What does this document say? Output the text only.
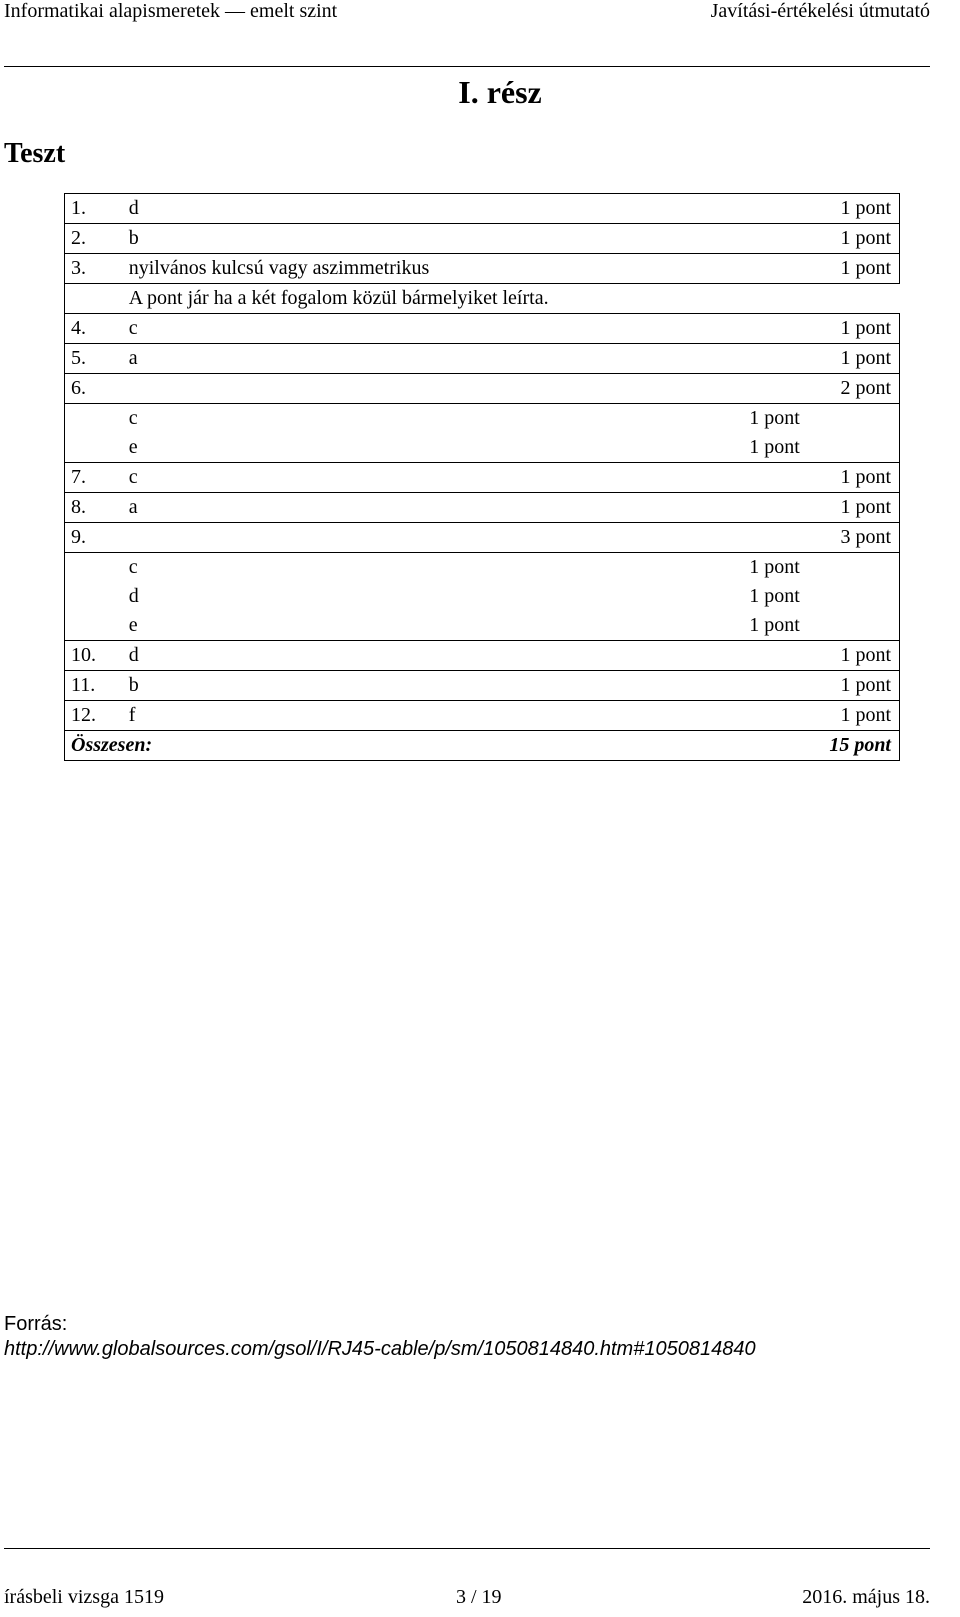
Informatikai alapismeretek — emelt szint	Javítási-értékelési útmutató
I. rész
Teszt
1.	d		1 pont
2.	b		1 pont
3.	nyilvános kulcsú vagy aszimmetrikus		1 pont
	A pont jár ha a két fogalom közül bármelyiket leírta.		
4.	c		1 pont
5.	a		1 pont
6.			2 pont
	c	1 pont	
	e	1 pont	
7.	c		1 pont
8.	a		1 pont
9.			3 pont
	c	1 pont	
	d	1 pont	
	e	1 pont	
10.	d		1 pont
11.	b		1 pont
12.	f		1 pont
Összesen:			15 pont
Forrás:
http://www.globalsources.com/gsol/I/RJ45-cable/p/sm/1050814840.htm#1050814840
írásbeli vizsga 1519	3 / 19	2016. május 18.
